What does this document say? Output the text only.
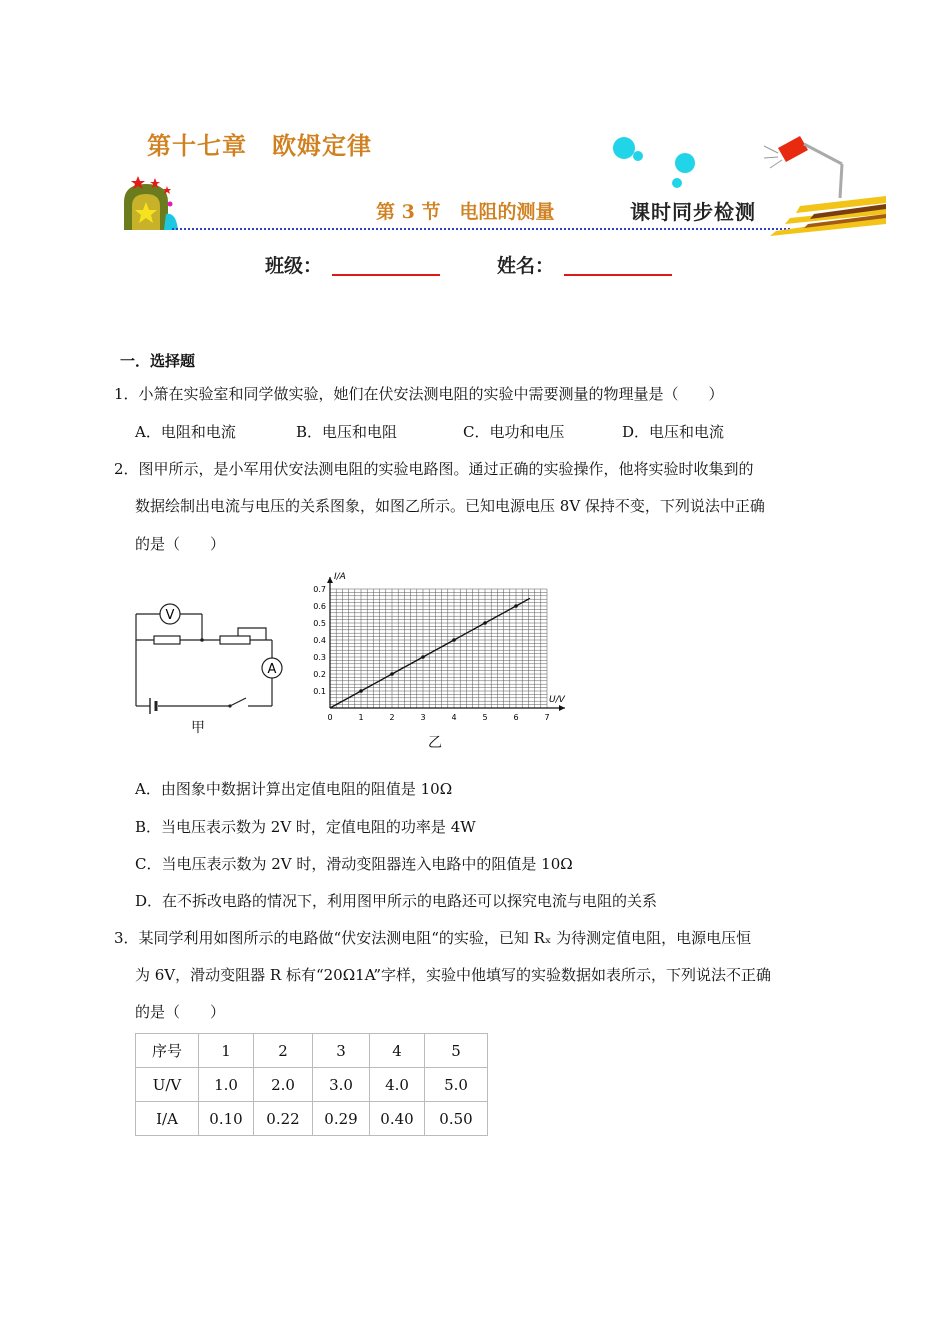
第十七章　欧姆定律
第 3 节　电阻的测量	课时同步检测
班级：	姓名：
一．选择题
1．小箫在实验室和同学做实验，她们在伏安法测电阻的实验中需要测量的物理量是（　　）
A．电阻和电流	B．电压和电阻	C．电功和电压	D．电压和电流
2．图甲所示，是小军用伏安法测电阻的实验电路图。通过正确的实验操作，他将实验时收集到的
数据绘制出电流与电压的关系图象，如图乙所示。已知电源电压 8V 保持不变，下列说法中正确
的是（　　）
V
A
甲
0	1	2	3	4	5	6	7
0.1
0.2
0.3
0.4
0.5
0.6
0.7
U/V
I/A
乙
A．由图象中数据计算出定值电阻的阻值是 10Ω
B．当电压表示数为 2V 时，定值电阻的功率是 4W
C．当电压表示数为 2V 时，滑动变阻器连入电路中的阻值是 10Ω
D．在不拆改电路的情况下，利用图甲所示的电路还可以探究电流与电阻的关系
3．某同学利用如图所示的电路做“伏安法测电阻“的实验，已知 Rₓ 为待测定值电阻，电源电压恒
为 6V，滑动变阻器 R 标有“20Ω1A”字样，实验中他填写的实验数据如表所示，下列说法不正确
的是（　　）
序号	1	2	3	4	5
U/V	1.0	2.0	3.0	4.0	5.0
I/A	0.10	0.22	0.29	0.40	0.50
